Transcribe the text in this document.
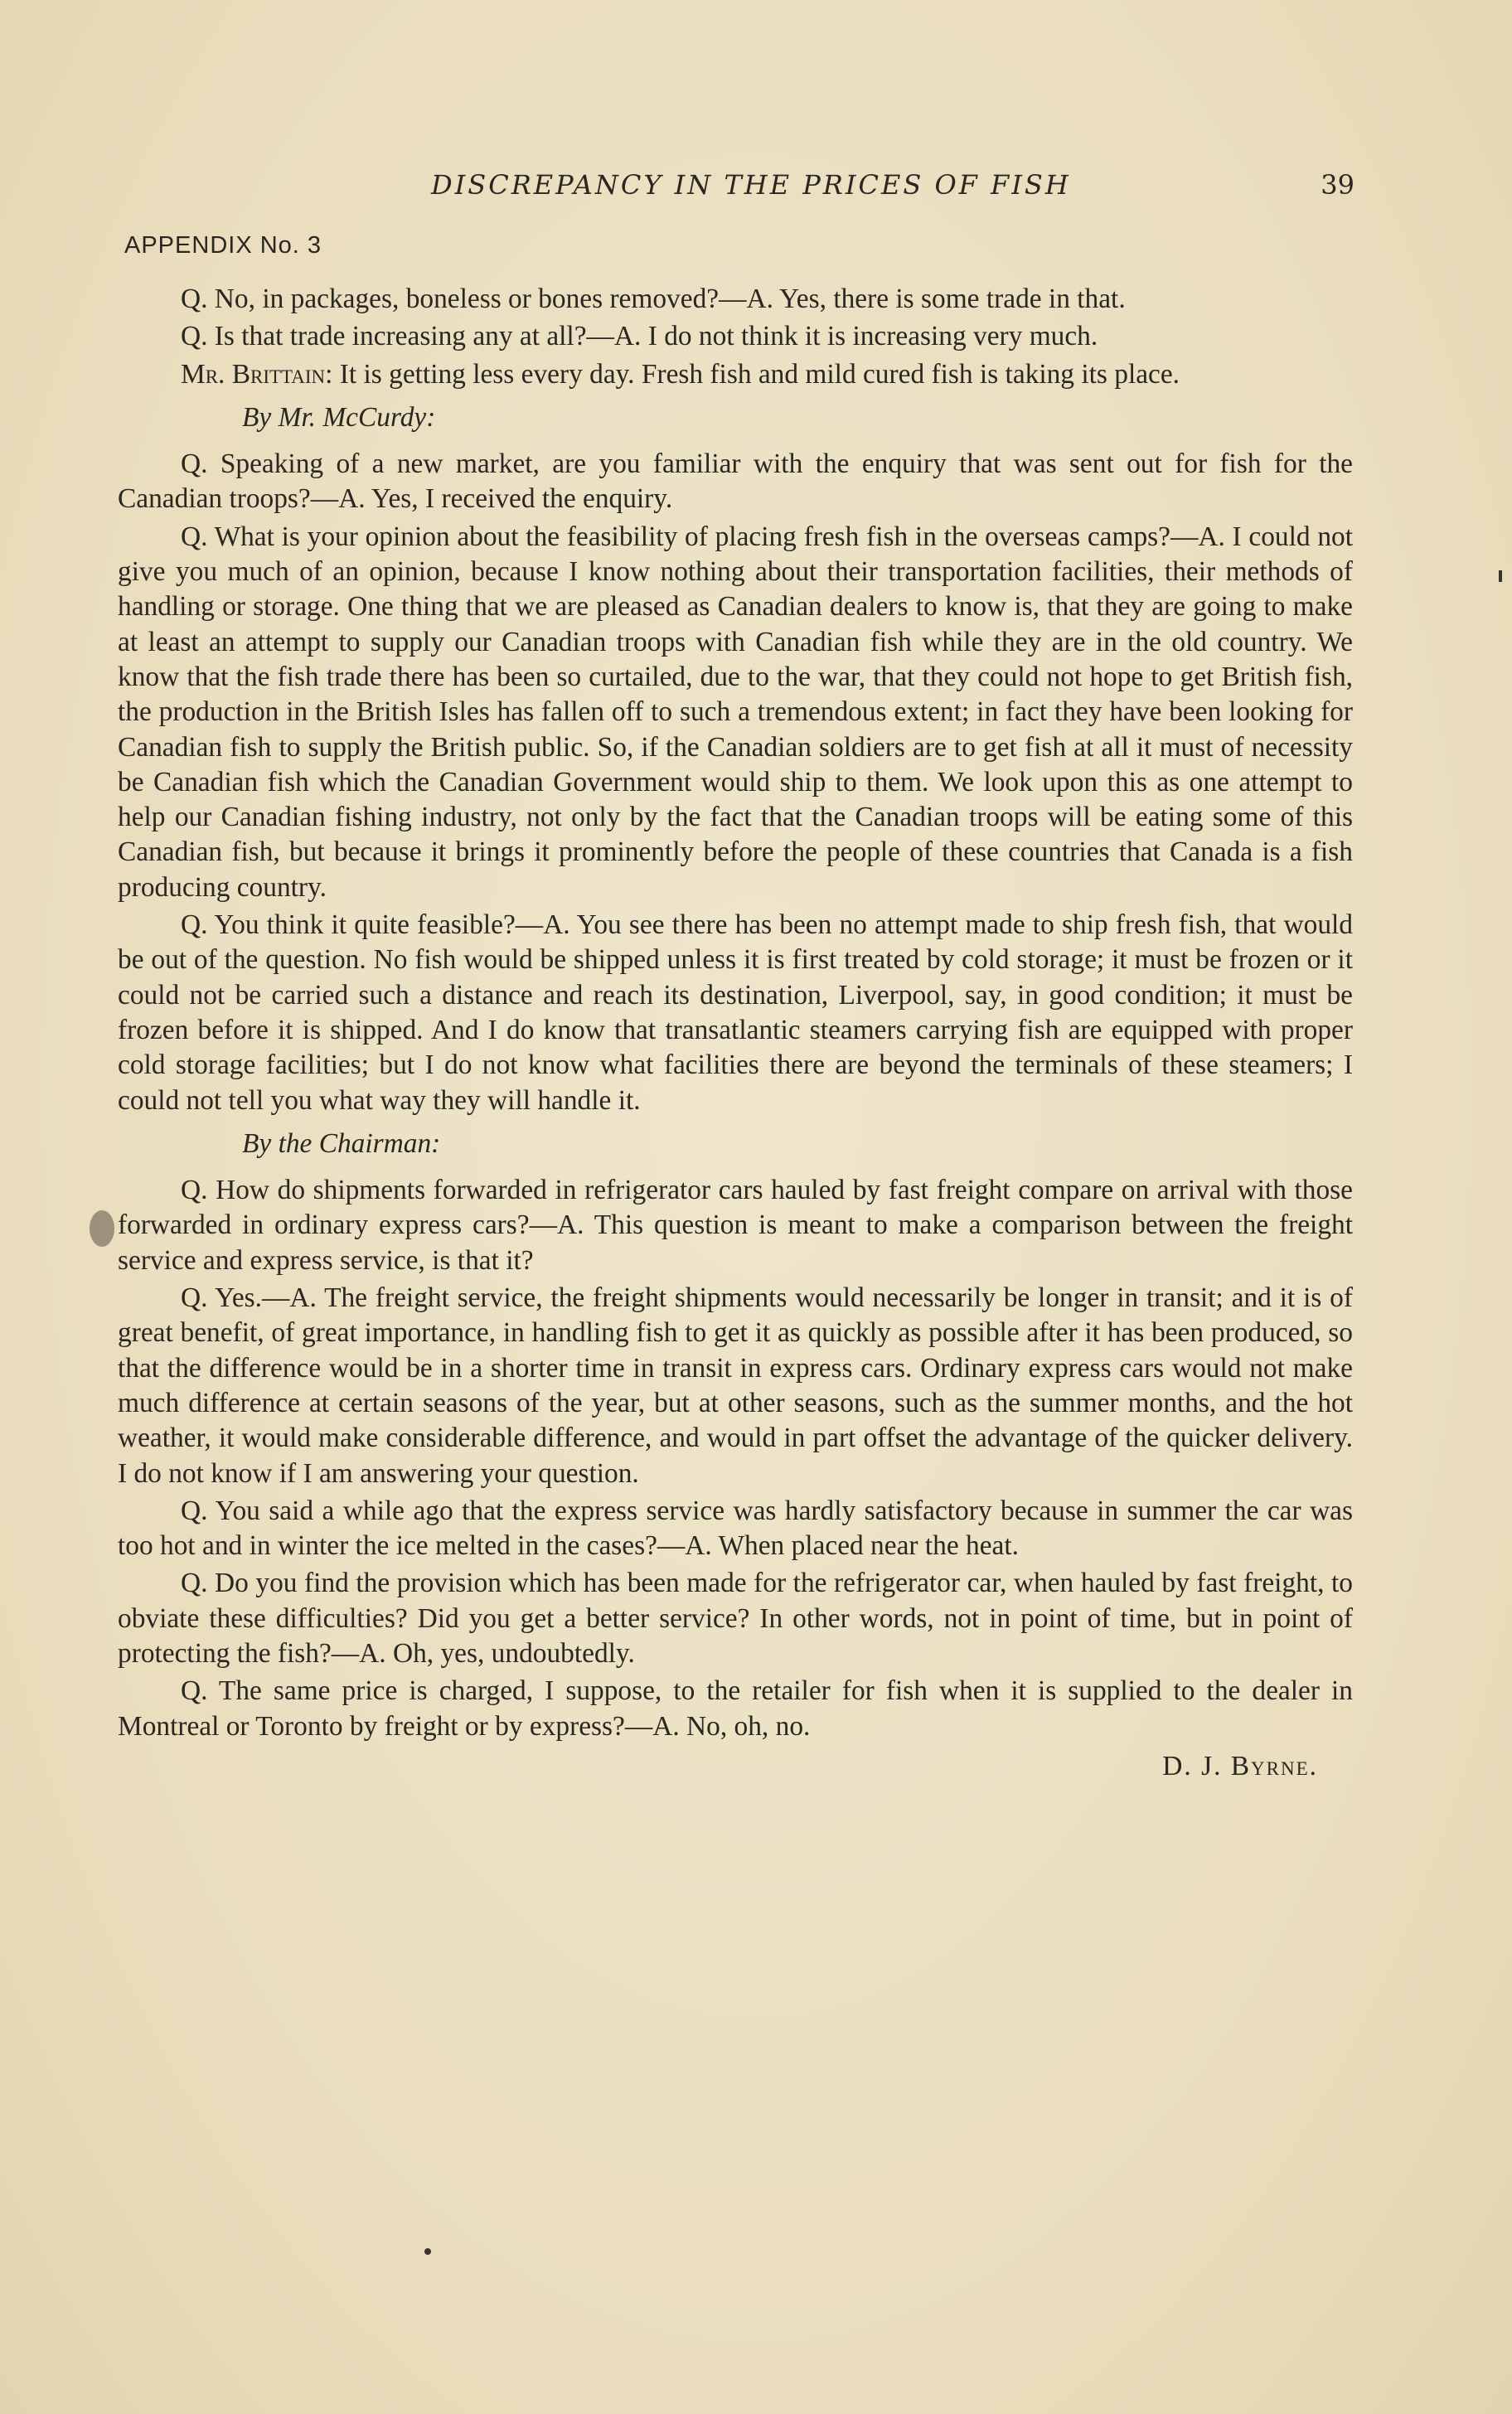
DISCREPANCY IN THE PRICES OF FISH	39
APPENDIX No. 3

Q. No, in packages, boneless or bones removed?—A. Yes, there is some trade in that.

Q. Is that trade increasing any at all?—A. I do not think it is increasing very much.

Mr. Brittain: It is getting less every day. Fresh fish and mild cured fish is taking its place.

By Mr. McCurdy:

Q. Speaking of a new market, are you familiar with the enquiry that was sent out for fish for the Canadian troops?—A. Yes, I received the enquiry.

Q. What is your opinion about the feasibility of placing fresh fish in the overseas camps?—A. I could not give you much of an opinion, because I know nothing about their transportation facilities, their methods of handling or storage. One thing that we are pleased as Canadian dealers to know is, that they are going to make at least an attempt to supply our Canadian troops with Canadian fish while they are in the old country. We know that the fish trade there has been so curtailed, due to the war, that they could not hope to get British fish, the production in the British Isles has fallen off to such a tremendous extent; in fact they have been looking for Canadian fish to supply the British public. So, if the Canadian soldiers are to get fish at all it must of necessity be Canadian fish which the Canadian Government would ship to them. We look upon this as one attempt to help our Canadian fishing industry, not only by the fact that the Canadian troops will be eating some of this Canadian fish, but because it brings it prominently before the people of these countries that Canada is a fish producing country.

Q. You think it quite feasible?—A. You see there has been no attempt made to ship fresh fish, that would be out of the question. No fish would be shipped unless it is first treated by cold storage; it must be frozen or it could not be carried such a distance and reach its destination, Liverpool, say, in good condition; it must be frozen before it is shipped. And I do know that transatlantic steamers carrying fish are equipped with proper cold storage facilities; but I do not know what facilities there are beyond the terminals of these steamers; I could not tell you what way they will handle it.

By the Chairman:

Q. How do shipments forwarded in refrigerator cars hauled by fast freight compare on arrival with those forwarded in ordinary express cars?—A. This question is meant to make a comparison between the freight service and express service, is that it?

Q. Yes.—A. The freight service, the freight shipments would necessarily be longer in transit; and it is of great benefit, of great importance, in handling fish to get it as quickly as possible after it has been produced, so that the difference would be in a shorter time in transit in express cars. Ordinary express cars would not make much difference at certain seasons of the year, but at other seasons, such as the summer months, and the hot weather, it would make considerable difference, and would in part offset the advantage of the quicker delivery. I do not know if I am answering your question.

Q. You said a while ago that the express service was hardly satisfactory because in summer the car was too hot and in winter the ice melted in the cases?—A. When placed near the heat.

Q. Do you find the provision which has been made for the refrigerator car, when hauled by fast freight, to obviate these difficulties? Did you get a better service? In other words, not in point of time, but in point of protecting the fish?—A. Oh, yes, undoubtedly.

Q. The same price is charged, I suppose, to the retailer for fish when it is supplied to the dealer in Montreal or Toronto by freight or by express?—A. No, oh, no.

D. J. Byrne.
